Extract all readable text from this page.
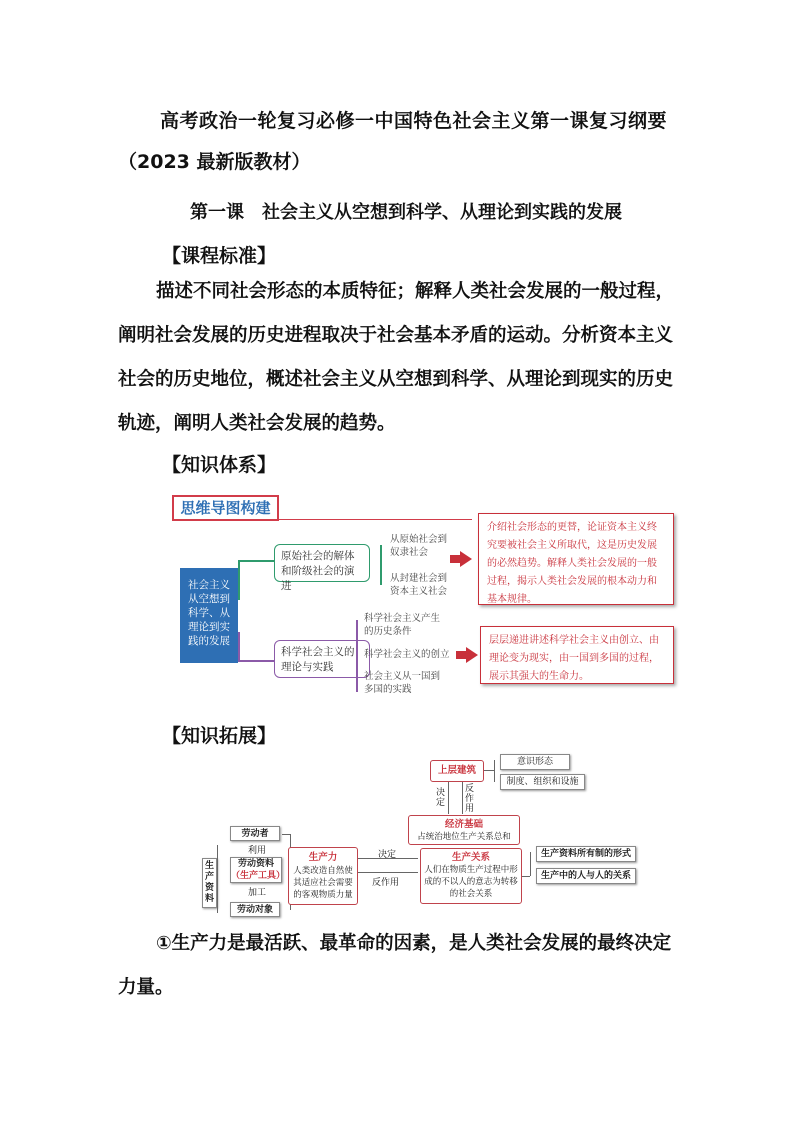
高考政治一轮复习必修一中国特色社会主义第一课复习纲要
（2023 最新版教材）
第一课　社会主义从空想到科学、从理论到实践的发展
【课程标准】

描述不同社会形态的本质特征；解释人类社会发展的一般过程，阐明社会发展的历史进程取决于社会基本矛盾的运动。分析资本主义社会的历史地位，概述社会主义从空想到科学、从理论到现实的历史轨迹，阐明人类社会发展的趋势。

【知识体系】
思维导图构建
社会主义从空想到科学、从理论到实践的发展
原始社会的解体和阶级社会的演进
科学社会主义的理论与实践
从原始社会到奴隶社会
从封建社会到资本主义社会
科学社会主义产生的历史条件
科学社会主义的创立
社会主义从一国到多国的实践
介绍社会形态的更替，论证资本主义终究要被社会主义所取代，这是历史发展的必然趋势。解释人类社会发展的一般过程，揭示人类社会发展的根本动力和基本规律。
层层递进讲述科学社会主义由创立、由理论变为现实，由一国到多国的过程，展示其强大的生命力。
【知识拓展】
上层建筑
意识形态
制度、组织和设施
决定
反作用
经济基础
占统治地位生产关系总和
生产资料
劳动者
利用
劳动资料
（生产工具）
加工
劳动对象
生产力
人类改造自然使其适应社会需要的客观物质力量
决定
反作用
生产关系
人们在物质生产过程中形成的不以人的意志为转移的社会关系
生产资料所有制的形式
生产中的人与人的关系

①生产力是最活跃、最革命的因素，是人类社会发展的最终决定力量。
